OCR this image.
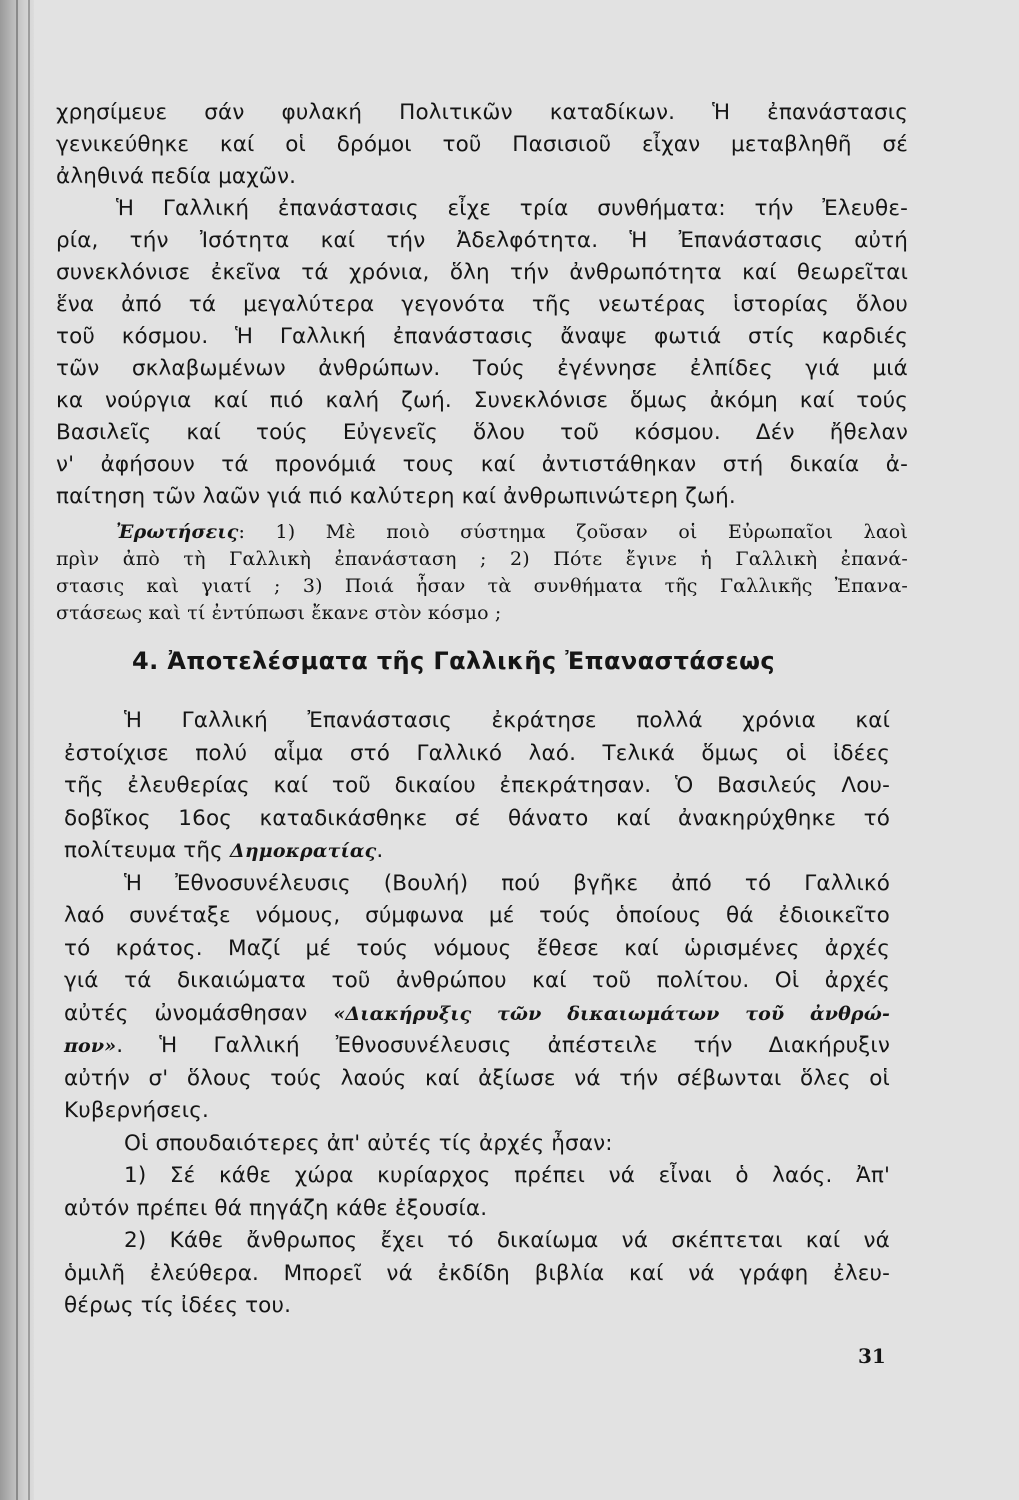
χρησίμευε σάν φυλακή Πολιτικῶν καταδίκων. Ἡ ἐπανάστασις
γενικεύθηκε καί οἱ δρόμοι τοῦ Πασισιοῦ εἶχαν μεταβληθῆ σέ
ἀληθινά πεδία μαχῶν.
Ἡ Γαλλική ἐπανάστασις εἶχε τρία συνθήματα: τήν Ἐλευθε-
ρία, τήν Ἰσότητα καί τήν Ἀδελφότητα. Ἡ Ἐπανάστασις αὐτή
συνεκλόνισε ἐκεῖνα τά χρόνια, ὅλη τήν ἀνθρωπότητα καί θεωρεῖται
ἕνα ἀπό τά μεγαλύτερα γεγονότα τῆς νεωτέρας ἱστορίας ὅλου
τοῦ κόσμου. Ἡ Γαλλική ἐπανάστασις ἄναψε φωτιά στίς καρδιές
τῶν σκλαβωμένων ἀνθρώπων. Τούς ἐγέννησε ἐλπίδες γιά μιά
κα νούργια καί πιό καλή ζωή. Συνεκλόνισε ὅμως ἀκόμη καί τούς
Βασιλεῖς καί τούς Εὐγενεῖς ὅλου τοῦ κόσμου. Δέν ἤθελαν
ν' ἀφήσουν τά προνόμιά τους καί ἀντιστάθηκαν στή δικαία ἀ-
παίτηση τῶν λαῶν γιά πιό καλύτερη καί ἀνθρωπινώτερη ζωή.
Ἐρωτήσεις: 1) Μὲ ποιὸ σύστημα ζοῦσαν οἱ Εὐρωπαῖοι λαοὶ
πρὶν ἀπὸ τὴ Γαλλικὴ ἐπανάσταση ; 2) Πότε ἔγινε ἡ Γαλλικὴ ἐπανά-
στασις καὶ γιατί ; 3) Ποιά ἦσαν τὰ συνθήματα τῆς Γαλλικῆς Ἐπανα-
στάσεως καὶ τί ἐντύπωσι ἔκανε στὸν κόσμο ;
4. Ἀποτελέσματα τῆς Γαλλικῆς Ἐπαναστάσεως
Ἡ Γαλλική Ἐπανάστασις ἐκράτησε πολλά χρόνια καί
ἐστοίχισε πολύ αἷμα στό Γαλλικό λαό. Τελικά ὅμως οἱ ἰδέες
τῆς ἐλευθερίας καί τοῦ δικαίου ἐπεκράτησαν. Ὁ Βασιλεύς Λου-
δοβῖκος 16ος καταδικάσθηκε σέ θάνατο καί ἀνακηρύχθηκε τό
πολίτευμα τῆς Δημοκρατίας.
Ἡ Ἐθνοσυνέλευσις (Βουλή) πού βγῆκε ἀπό τό Γαλλικό
λαό συνέταξε νόμους, σύμφωνα μέ τούς ὁποίους θά ἐδιοικεῖτο
τό κράτος. Μαζί μέ τούς νόμους ἔθεσε καί ὡρισμένες ἀρχές
γιά τά δικαιώματα τοῦ ἀνθρώπου καί τοῦ πολίτου. Οἱ ἀρχές
αὐτές ὠνομάσθησαν «Διακήρυξις τῶν δικαιωμάτων τοῦ ἀνθρώ-
πον». Ἡ Γαλλική Ἐθνοσυνέλευσις ἀπέστειλε τήν Διακήρυξιν
αὐτήν σ' ὅλους τούς λαούς καί ἀξίωσε νά τήν σέβωνται ὅλες οἱ
Κυβερνήσεις.
Οἱ σπουδαιότερες ἀπ' αὐτές τίς ἀρχές ἦσαν:
1) Σέ κάθε χώρα κυρίαρχος πρέπει νά εἶναι ὁ λαός. Ἀπ'
αὐτόν πρέπει θά πηγάζη κάθε ἐξουσία.
2) Κάθε ἄνθρωπος ἔχει τό δικαίωμα νά σκέπτεται καί νά
ὁμιλῆ ἐλεύθερα. Μπορεῖ νά ἐκδίδη βιβλία καί νά γράφη ἐλευ-
θέρως τίς ἰδέες του.
31
